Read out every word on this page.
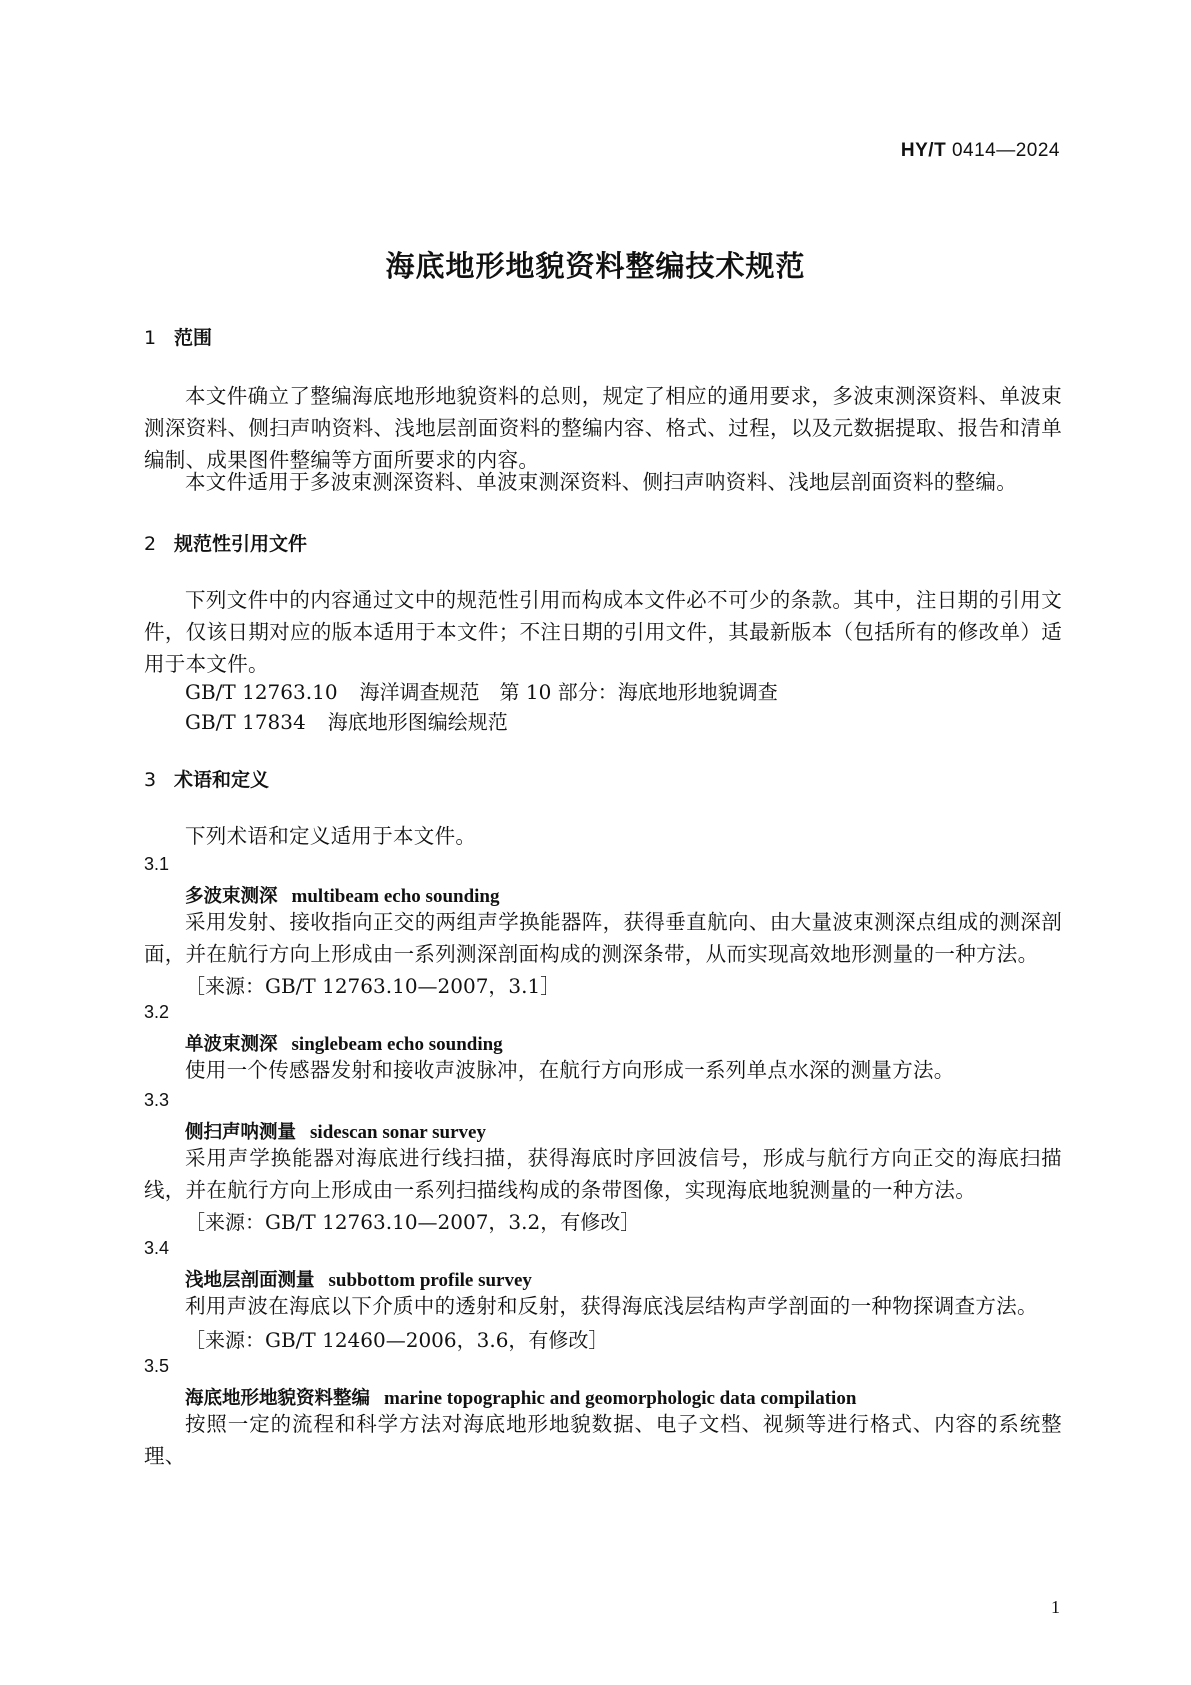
HY/T 0414—2024
海底地形地貌资料整编技术规范
1 范围
本文件确立了整编海底地形地貌资料的总则，规定了相应的通用要求，多波束测深资料、单波束测深资料、侧扫声呐资料、浅地层剖面资料的整编内容、格式、过程，以及元数据提取、报告和清单编制、成果图件整编等方面所要求的内容。
本文件适用于多波束测深资料、单波束测深资料、侧扫声呐资料、浅地层剖面资料的整编。
2 规范性引用文件
下列文件中的内容通过文中的规范性引用而构成本文件必不可少的条款。其中，注日期的引用文件，仅该日期对应的版本适用于本文件；不注日期的引用文件，其最新版本（包括所有的修改单）适用于本文件。
GB/T 12763.10 海洋调查规范　第 10 部分：海底地形地貌调查
GB/T 17834 海底地形图编绘规范
3 术语和定义
下列术语和定义适用于本文件。
3.1
多波束测深 multibeam echo sounding
采用发射、接收指向正交的两组声学换能器阵，获得垂直航向、由大量波束测深点组成的测深剖面，并在航行方向上形成由一系列测深剖面构成的测深条带，从而实现高效地形测量的一种方法。
［来源：GB/T 12763.10—2007，3.1］
3.2
单波束测深 singlebeam echo sounding
使用一个传感器发射和接收声波脉冲，在航行方向形成一系列单点水深的测量方法。
3.3
侧扫声呐测量 sidescan sonar survey
采用声学换能器对海底进行线扫描，获得海底时序回波信号，形成与航行方向正交的海底扫描线，并在航行方向上形成由一系列扫描线构成的条带图像，实现海底地貌测量的一种方法。
［来源：GB/T 12763.10—2007，3.2，有修改］
3.4
浅地层剖面测量 subbottom profile survey
利用声波在海底以下介质中的透射和反射，获得海底浅层结构声学剖面的一种物探调查方法。
［来源：GB/T 12460—2006，3.6，有修改］
3.5
海底地形地貌资料整编 marine topographic and geomorphologic data compilation
按照一定的流程和科学方法对海底地形地貌数据、电子文档、视频等进行格式、内容的系统整理、
1
